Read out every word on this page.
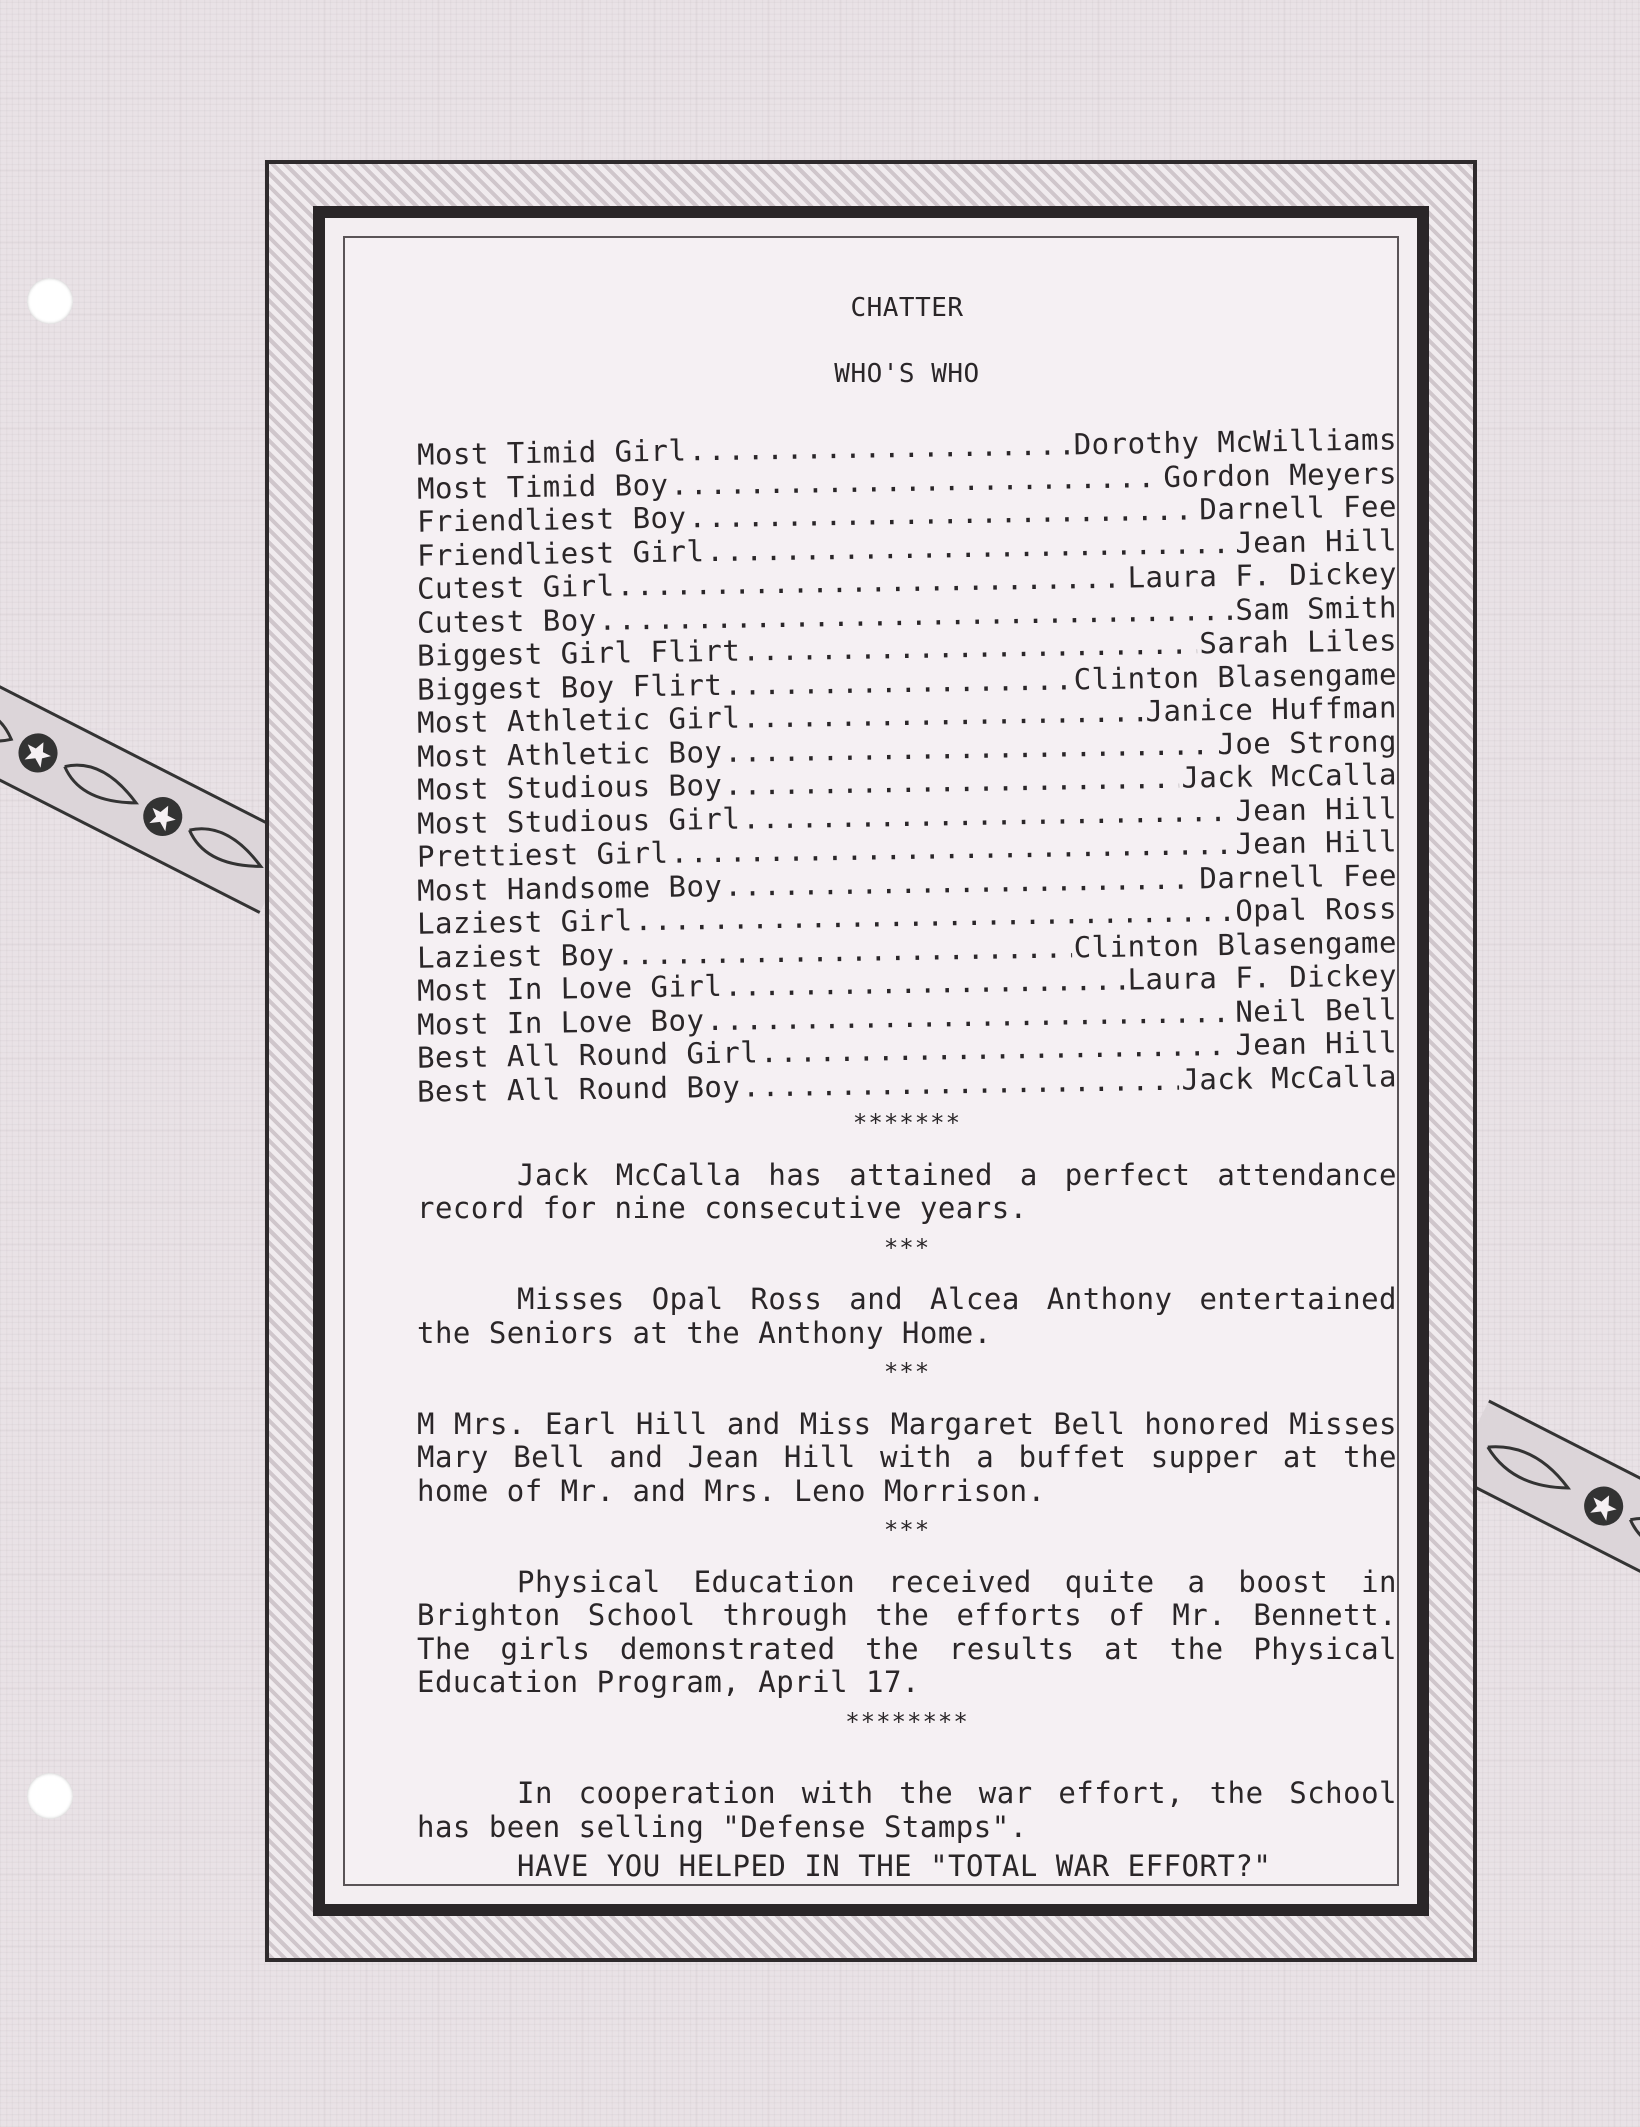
CHATTER

WHO'S WHO

Most Timid Girl .....	Dorothy McWilliams
Most Timid Boy .....	Gordon Meyers
Friendliest Boy .....	Darnell Fee
Friendliest Girl .....	Jean Hill
Cutest Girl .....	Laura F. Dickey
Cutest Boy .....	Sam Smith
Biggest Girl Flirt .....	Sarah Liles
Biggest Boy Flirt .....	Clinton Blasengame
Most Athletic Girl .....	Janice Huffman
Most Athletic Boy .....	Joe Strong
Most Studious Boy .....	Jack McCalla
Most Studious Girl .....	Jean Hill
Prettiest Girl .....	Jean Hill
Most Handsome Boy .....	Darnell Fee
Laziest Girl .....	Opal Ross
Laziest Boy .....	Clinton Blasengame
Most In Love Girl .....	Laura F. Dickey
Most In Love Boy .....	Neil Bell
Best All Round Girl .....	Jean Hill
Best All Round Boy .....	Jack McCalla

*******

Jack McCalla has attained a perfect attendance record for nine consecutive years.

***

Misses Opal Ross and Alcea Anthony entertained the Seniors at the Anthony Home.

***

M Mrs. Earl Hill and Miss Margaret Bell honored Misses Mary Bell and Jean Hill with a buffet supper at the home of Mr. and Mrs. Leno Morrison.

***

Physical Education received quite a boost in Brighton School through the efforts of Mr. Bennett. The girls demonstrated the results at the Physical Education Program, April 17.

********

In cooperation with the war effort, the School has been selling "Defense Stamps".

HAVE YOU HELPED IN THE "TOTAL WAR EFFORT?"
